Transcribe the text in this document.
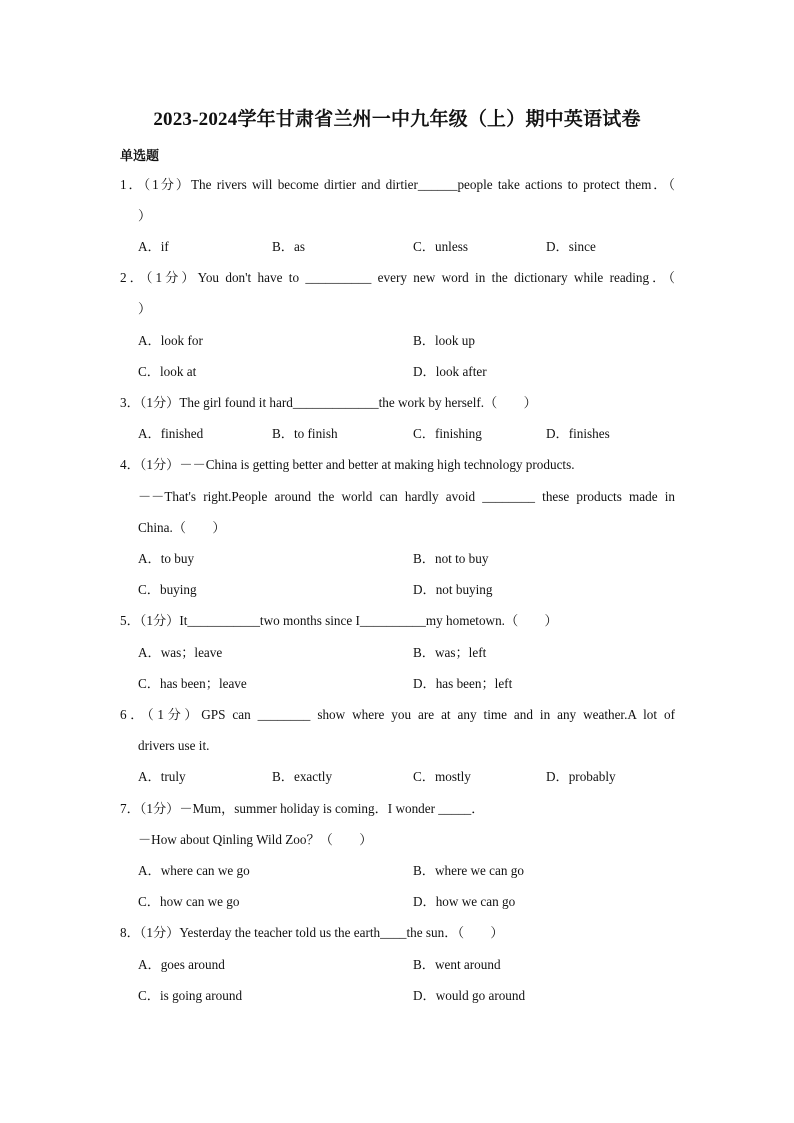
2023-2024学年甘肃省兰州一中九年级（上）期中英语试卷
单选题
1．（1分）The rivers will become dirtier and dirtier______people take actions to protect them．（
）
A．if	B．as	C．unless	D．since
2．（1分）You don't have to __________ every new word in the dictionary while reading．（
）
A．look for	B．look up
C．look at	D．look after
3．（1分）The girl found it hard_____________the work by herself.（　　）
A．finished	B．to finish	C．finishing	D．finishes
4．（1分）－－China is getting better and better at making high technology products.
－－That's right.People around the world can hardly avoid ________ these products made in
China.（　　）
A．to buy	B．not to buy
C．buying	D．not buying
5．（1分）It___________two months since I__________my hometown.（　　）
A．was；leave	B．was；left
C．has been；leave	D．has been；left
6．（1分）GPS can ________ show where you are at any time and in any weather.A lot of
drivers use it.
A．truly	B．exactly	C．mostly	D．probably
7．（1分）－Mum，summer holiday is coming．I wonder _____．
－How about Qinling Wild Zoo？（　　）
A．where can we go	B．where we can go
C．how can we go	D．how we can go
8．（1分）Yesterday the teacher told us the earth____the sun．（　　）
A．goes around	B．went around
C．is going around	D．would go around
